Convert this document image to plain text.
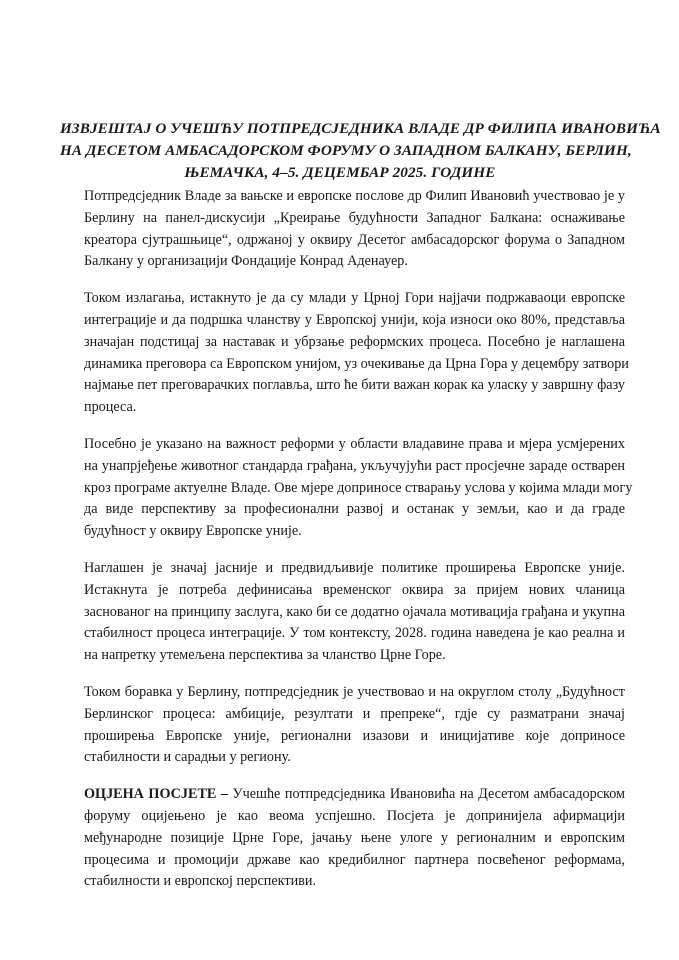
ИЗВЈЕШТАЈ О УЧЕШЋУ ПОТПРЕДСЈЕДНИКА ВЛАДЕ ДР ФИЛИПА ИВАНОВИЋА
НА ДЕСЕТОМ АМБАСАДОРСКОМ ФОРУМУ О ЗАПАДНОМ БАЛКАНУ, БЕРЛИН,
ЊЕМАЧКА, 4–5. ДЕЦЕМБАР 2025. ГОДИНЕ

Потпредсједник Владе за вањске и европске послове др Филип Ивановић учествовао је у
Берлину на панел-дискусији „Креирање будућности Западног Балкана: оснаживање
креатора сјутрашњице“, одржаној у оквиру Десетог амбасадорског форума о Западном
Балкану у организацији Фондације Конрад Аденауер.

Током излагања, истакнуто је да су млади у Црној Гори најјачи подржаваоци европске
интеграције и да подршка чланству у Европској унији, која износи око 80%, представља
значајан подстицај за наставак и убрзање реформских процеса. Посебно је наглашена
динамика преговора са Европском унијом, уз очекивање да Црна Гора у децембру затвори
најмање пет преговарачких поглавља, што ће бити важан корак ка уласку у завршну фазу
процеса.

Посебно је указано на важност реформи у области владавине права и мјера усмјерених
на унапрјеђење животног стандарда грађана, укључујући раст просјечне зараде остварен
кроз програме актуелне Владе. Ове мјере доприносе стварању услова у којима млади могу
да виде перспективу за професионални развој и останак у земљи, као и да граде
будућност у оквиру Европске уније.

Наглашен је значај јасније и предвидљивије политике проширења Европске уније.
Истакнута је потреба дефинисања временског оквира за пријем нових чланица
заснованог на принципу заслуга, како би се додатно ојачала мотивација грађана и укупна
стабилност процеса интеграције. У том контексту, 2028. година наведена је као реална и
на напретку утемељена перспектива за чланство Црне Горе.

Током боравка у Берлину, потпредсједник је учествовао и на округлом столу „Будућност
Берлинског процеса: амбиције, резултати и препреке“, гдје су разматрани значај
проширења Европске уније, регионални изазови и иницијативе које доприносе
стабилности и сарадњи у региону.

ОЦЈЕНА ПОСЈЕТЕ – Учешће потпредсједника Ивановића на Десетом амбасадорском
форуму оцијењено је као веома успјешно. Посјета је допринијела афирмацији
међународне позиције Црне Горе, јачању њене улоге у регионалним и европским
процесима и промоцији државе као кредибилног партнера посвећеног реформама,
стабилности и европској перспективи.
